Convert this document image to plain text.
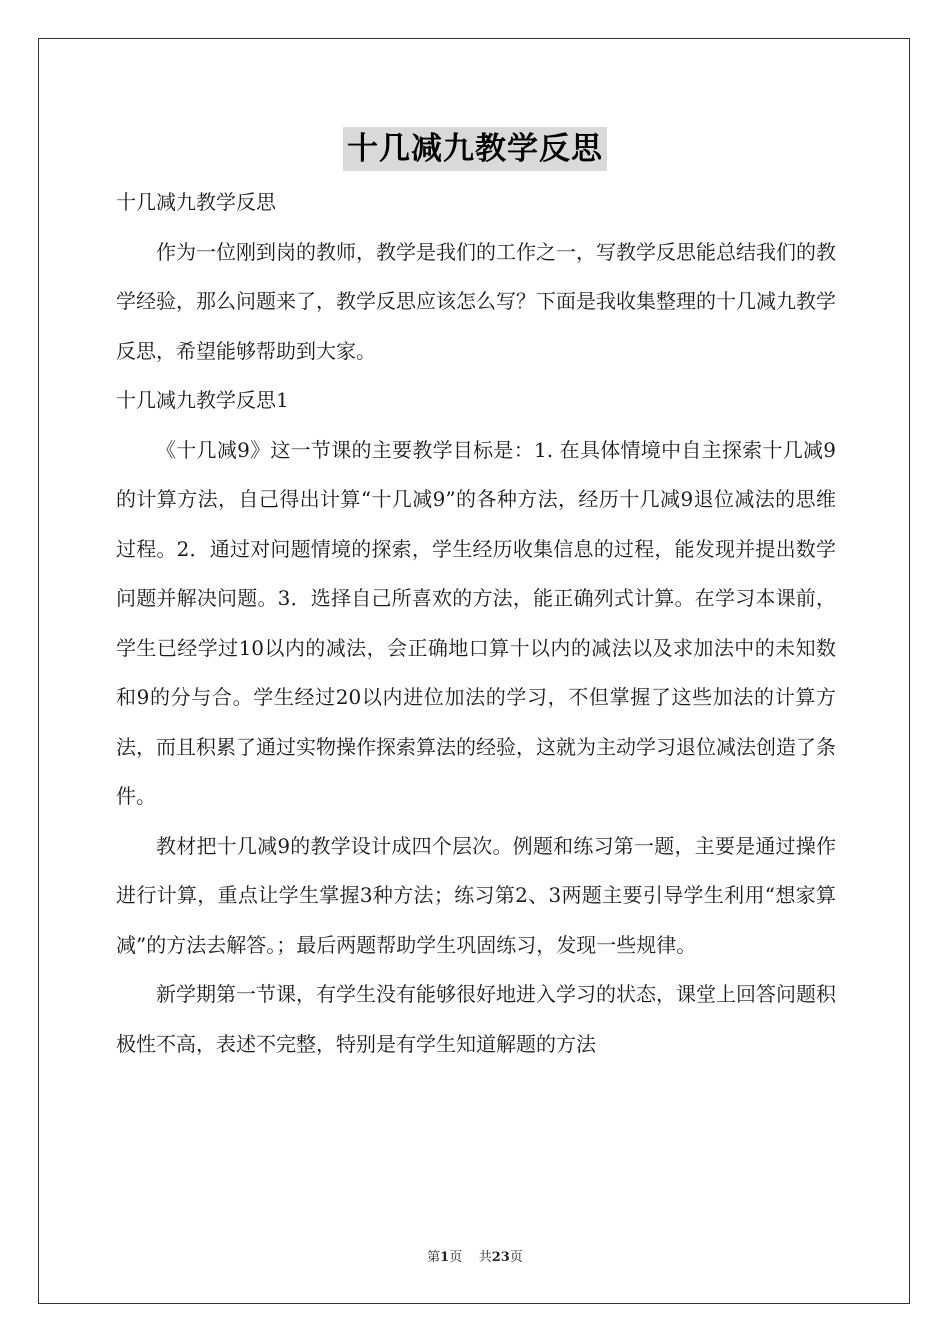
十几减九教学反思

十几减九教学反思

作为一位刚到岗的教师，教学是我们的工作之一，写教学反思能总结我们的教学经验，那么问题来了，教学反思应该怎么写？下面是我收集整理的十几减九教学反思，希望能够帮助到大家。

十几减九教学反思1

《十几减9》这一节课的主要教学目标是：1. 在具体情境中自主探索十几减9的计算方法，自己得出计算“十几减9”的各种方法，经历十几减9退位减法的思维过程。2．通过对问题情境的探索，学生经历收集信息的过程，能发现并提出数学问题并解决问题。3．选择自己所喜欢的方法，能正确列式计算。在学习本课前，学生已经学过10以内的减法，会正确地口算十以内的减法以及求加法中的未知数和9的分与合。学生经过20以内进位加法的学习，不但掌握了这些加法的计算方法，而且积累了通过实物操作探索算法的经验，这就为主动学习退位减法创造了条件。

教材把十几减9的教学设计成四个层次。例题和练习第一题，主要是通过操作进行计算，重点让学生掌握3种方法；练习第2、3两题主要引导学生利用“想家算减”的方法去解答。；最后两题帮助学生巩固练习，发现一些规律。

新学期第一节课，有学生没有能够很好地进入学习的状态，课堂上回答问题积极性不高，表述不完整，特别是有学生知道解题的方法

第1页 共23页
